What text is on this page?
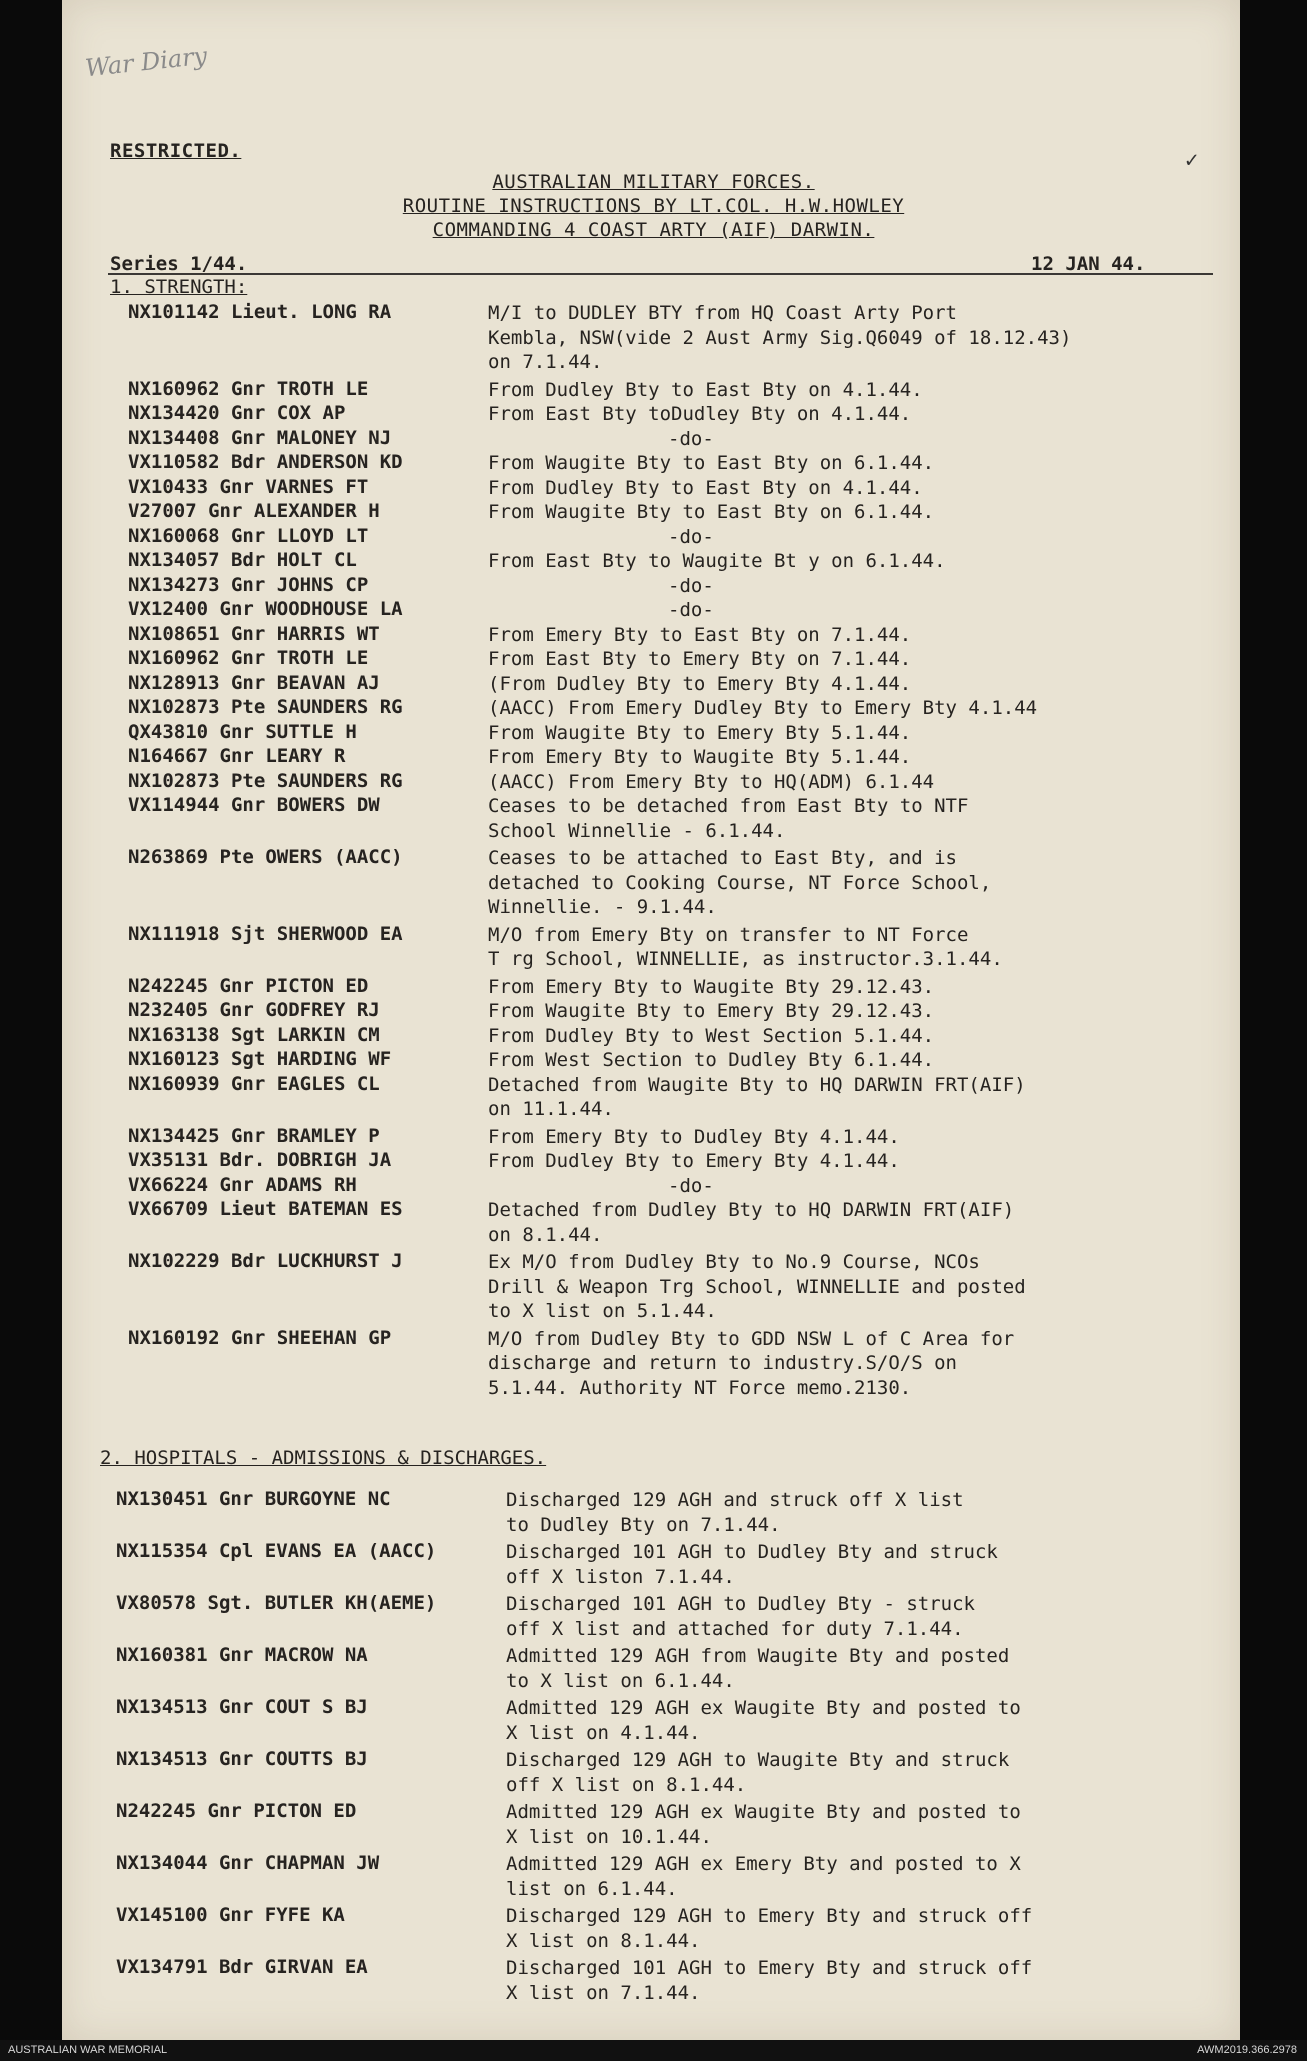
War Diary
✓
RESTRICTED.
AUSTRALIAN MILITARY FORCES.
ROUTINE INSTRUCTIONS BY LT.COL. H.W.HOWLEY
COMMANDING 4 COAST ARTY (AIF) DARWIN.
Series 1/44.	12 JAN 44.
1. STRENGTH:
NX101142 Lieut. LONG RA	M/I to DUDLEY BTY from HQ Coast Arty Port
Kembla, NSW(vide 2 Aust Army Sig.Q6049 of 18.12.43)
on 7.1.44.
NX160962 Gnr TROTH LE	From Dudley Bty to East Bty on 4.1.44.
NX134420 Gnr COX AP	From East Bty toDudley Bty on 4.1.44.
NX134408 Gnr MALONEY NJ	-do-
VX110582 Bdr ANDERSON KD	From Waugite Bty to East Bty on 6.1.44.
VX10433 Gnr VARNES FT	From Dudley Bty to East Bty on 4.1.44.
V27007 Gnr ALEXANDER H	From Waugite Bty to East Bty on 6.1.44.
NX160068 Gnr LLOYD LT	-do-
NX134057 Bdr HOLT CL	From East Bty to Waugite Bt y on 6.1.44.
NX134273 Gnr JOHNS CP	-do-
VX12400 Gnr WOODHOUSE LA	-do-
NX108651 Gnr HARRIS WT	From Emery Bty to East Bty on 7.1.44.
NX160962 Gnr TROTH LE	From East Bty to Emery Bty on 7.1.44.
NX128913 Gnr BEAVAN AJ	(From Dudley Bty to Emery Bty 4.1.44.
NX102873 Pte SAUNDERS RG	(AACC) From Emery Dudley Bty to Emery Bty 4.1.44
QX43810 Gnr SUTTLE H	From Waugite Bty to Emery Bty 5.1.44.
N164667 Gnr LEARY R	From Emery Bty to Waugite Bty 5.1.44.
NX102873 Pte SAUNDERS RG	(AACC) From Emery Bty to HQ(ADM) 6.1.44
VX114944 Gnr BOWERS DW	Ceases to be detached from East Bty to NTF
School Winnellie - 6.1.44.
N263869 Pte OWERS (AACC)	Ceases to be attached to East Bty, and is
detached to Cooking Course, NT Force School,
Winnellie. - 9.1.44.
NX111918 Sjt SHERWOOD EA	M/O from Emery Bty on transfer to NT Force
T rg School, WINNELLIE, as instructor.3.1.44.
N242245 Gnr PICTON ED	From Emery Bty to Waugite Bty 29.12.43.
N232405 Gnr GODFREY RJ	From Waugite Bty to Emery Bty 29.12.43.
NX163138 Sgt LARKIN CM	From Dudley Bty to West Section 5.1.44.
NX160123 Sgt HARDING WF	From West Section to Dudley Bty 6.1.44.
NX160939 Gnr EAGLES CL	Detached from Waugite Bty to HQ DARWIN FRT(AIF)
on 11.1.44.
NX134425 Gnr BRAMLEY P	From Emery Bty to Dudley Bty 4.1.44.
VX35131 Bdr. DOBRIGH JA	From Dudley Bty to Emery Bty 4.1.44.
VX66224 Gnr ADAMS RH	-do-
VX66709 Lieut BATEMAN ES	Detached from Dudley Bty to HQ DARWIN FRT(AIF)
on 8.1.44.
NX102229 Bdr LUCKHURST J	Ex M/O from Dudley Bty to No.9 Course, NCOs
Drill & Weapon Trg School, WINNELLIE and posted
to X list on 5.1.44.
NX160192 Gnr SHEEHAN GP	M/O from Dudley Bty to GDD NSW L of C Area for
discharge and return to industry.S/O/S on
5.1.44. Authority NT Force memo.2130.
2. HOSPITALS - ADMISSIONS & DISCHARGES.
NX130451 Gnr BURGOYNE NC	Discharged 129 AGH and struck off X list
to Dudley Bty on 7.1.44.
NX115354 Cpl EVANS EA (AACC)	Discharged 101 AGH to Dudley Bty and struck
off X liston 7.1.44.
VX80578 Sgt. BUTLER KH(AEME)	Discharged 101 AGH to Dudley Bty - struck
off X list and attached for duty 7.1.44.
NX160381 Gnr MACROW NA	Admitted 129 AGH from Waugite Bty and posted
to X list on 6.1.44.
NX134513 Gnr COUT S BJ	Admitted 129 AGH ex Waugite Bty and posted to
X list on 4.1.44.
NX134513 Gnr COUTTS BJ	Discharged 129 AGH to Waugite Bty and struck
off X list on 8.1.44.
N242245 Gnr PICTON ED	Admitted 129 AGH ex Waugite Bty and posted to
X list on 10.1.44.
NX134044 Gnr CHAPMAN JW	Admitted 129 AGH ex Emery Bty and posted to X
list on 6.1.44.
VX145100 Gnr FYFE KA	Discharged 129 AGH to Emery Bty and struck off
X list on 8.1.44.
VX134791 Bdr GIRVAN EA	Discharged 101 AGH to Emery Bty and struck off
X list on 7.1.44.
AUSTRALIAN WAR MEMORIAL	AWM2019.366.2978
